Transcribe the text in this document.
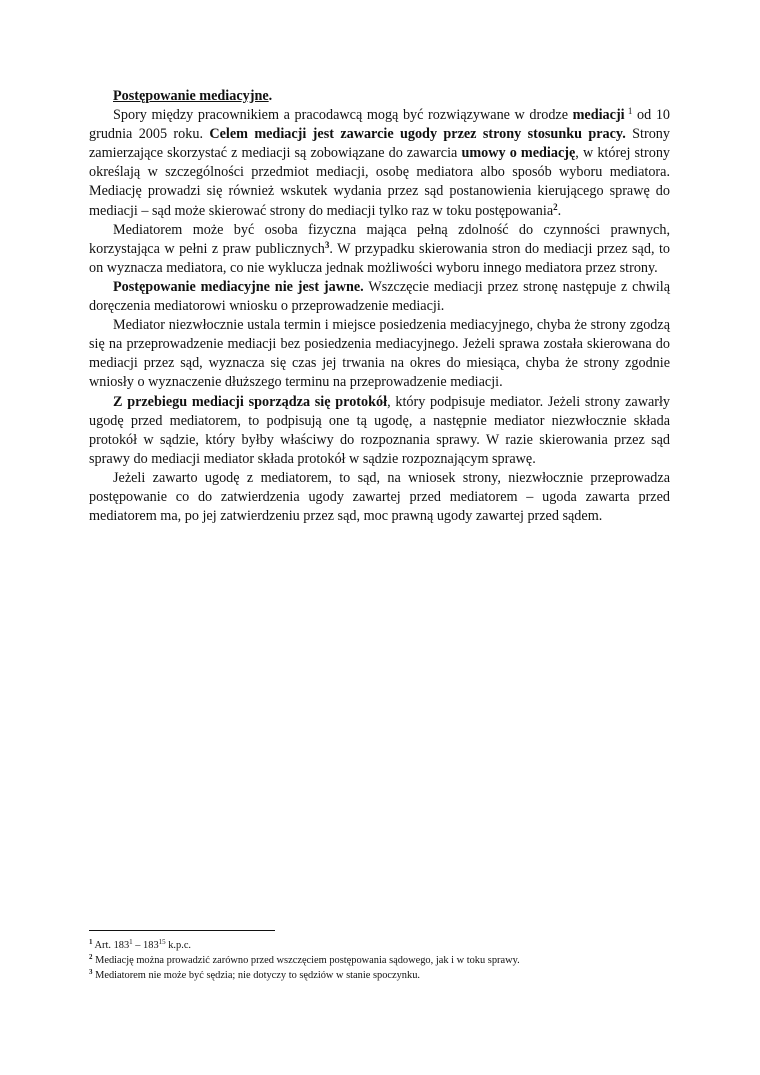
Postępowanie mediacyjne.

Spory między pracownikiem a pracodawcą mogą być rozwiązywane w drodze mediacji $^1$ od 10 grudnia 2005 roku. Celem mediacji jest zawarcie ugody przez strony stosunku pracy. Strony zamierzające skorzystać z mediacji są zobowiązane do zawarcia umowy o mediację, w której strony określają w szczególności przedmiot mediacji, osobę mediatora albo sposób wyboru mediatora. Mediację prowadzi się również wskutek wydania przez sąd postanowienia kierującego sprawę do mediacji – sąd może skierować strony do mediacji tylko raz w toku postępowania$^2$.

Mediatorem może być osoba fizyczna mająca pełną zdolność do czynności prawnych, korzystająca w pełni z praw publicznych$^3$. W przypadku skierowania stron do mediacji przez sąd, to on wyznacza mediatora, co nie wyklucza jednak możliwości wyboru innego mediatora przez strony.

Postępowanie mediacyjne nie jest jawne. Wszczęcie mediacji przez stronę następuje z chwilą doręczenia mediatorowi wniosku o przeprowadzenie mediacji.

Mediator niezwłocznie ustala termin i miejsce posiedzenia mediacyjnego, chyba że strony zgodzą się na przeprowadzenie mediacji bez posiedzenia mediacyjnego. Jeżeli sprawa została skierowana do mediacji przez sąd, wyznacza się czas jej trwania na okres do miesiąca, chyba że strony zgodnie wniosły o wyznaczenie dłuższego terminu na przeprowadzenie mediacji.

Z przebiegu mediacji sporządza się protokół, który podpisuje mediator. Jeżeli strony zawarły ugodę przed mediatorem, to podpisują one tą ugodę, a następnie mediator niezwłocznie składa protokół w sądzie, który byłby właściwy do rozpoznania sprawy. W razie skierowania przez sąd sprawy do mediacji mediator składa protokół w sądzie rozpoznającym sprawę.

Jeżeli zawarto ugodę z mediatorem, to sąd, na wniosek strony, niezwłocznie przeprowadza postępowanie co do zatwierdzenia ugody zawartej przed mediatorem – ugoda zawarta przed mediatorem ma, po jej zatwierdzeniu przez sąd, moc prawną ugody zawartej przed sądem.

$^1$ Art. $183^1 - 183^{15}$ k.p.c.
$^2$ Mediację można prowadzić zarówno przed wszczęciem postępowania sądowego, jak i w toku sprawy.
$^3$ Mediatorem nie może być sędzia; nie dotyczy to sędziów w stanie spoczynku.
